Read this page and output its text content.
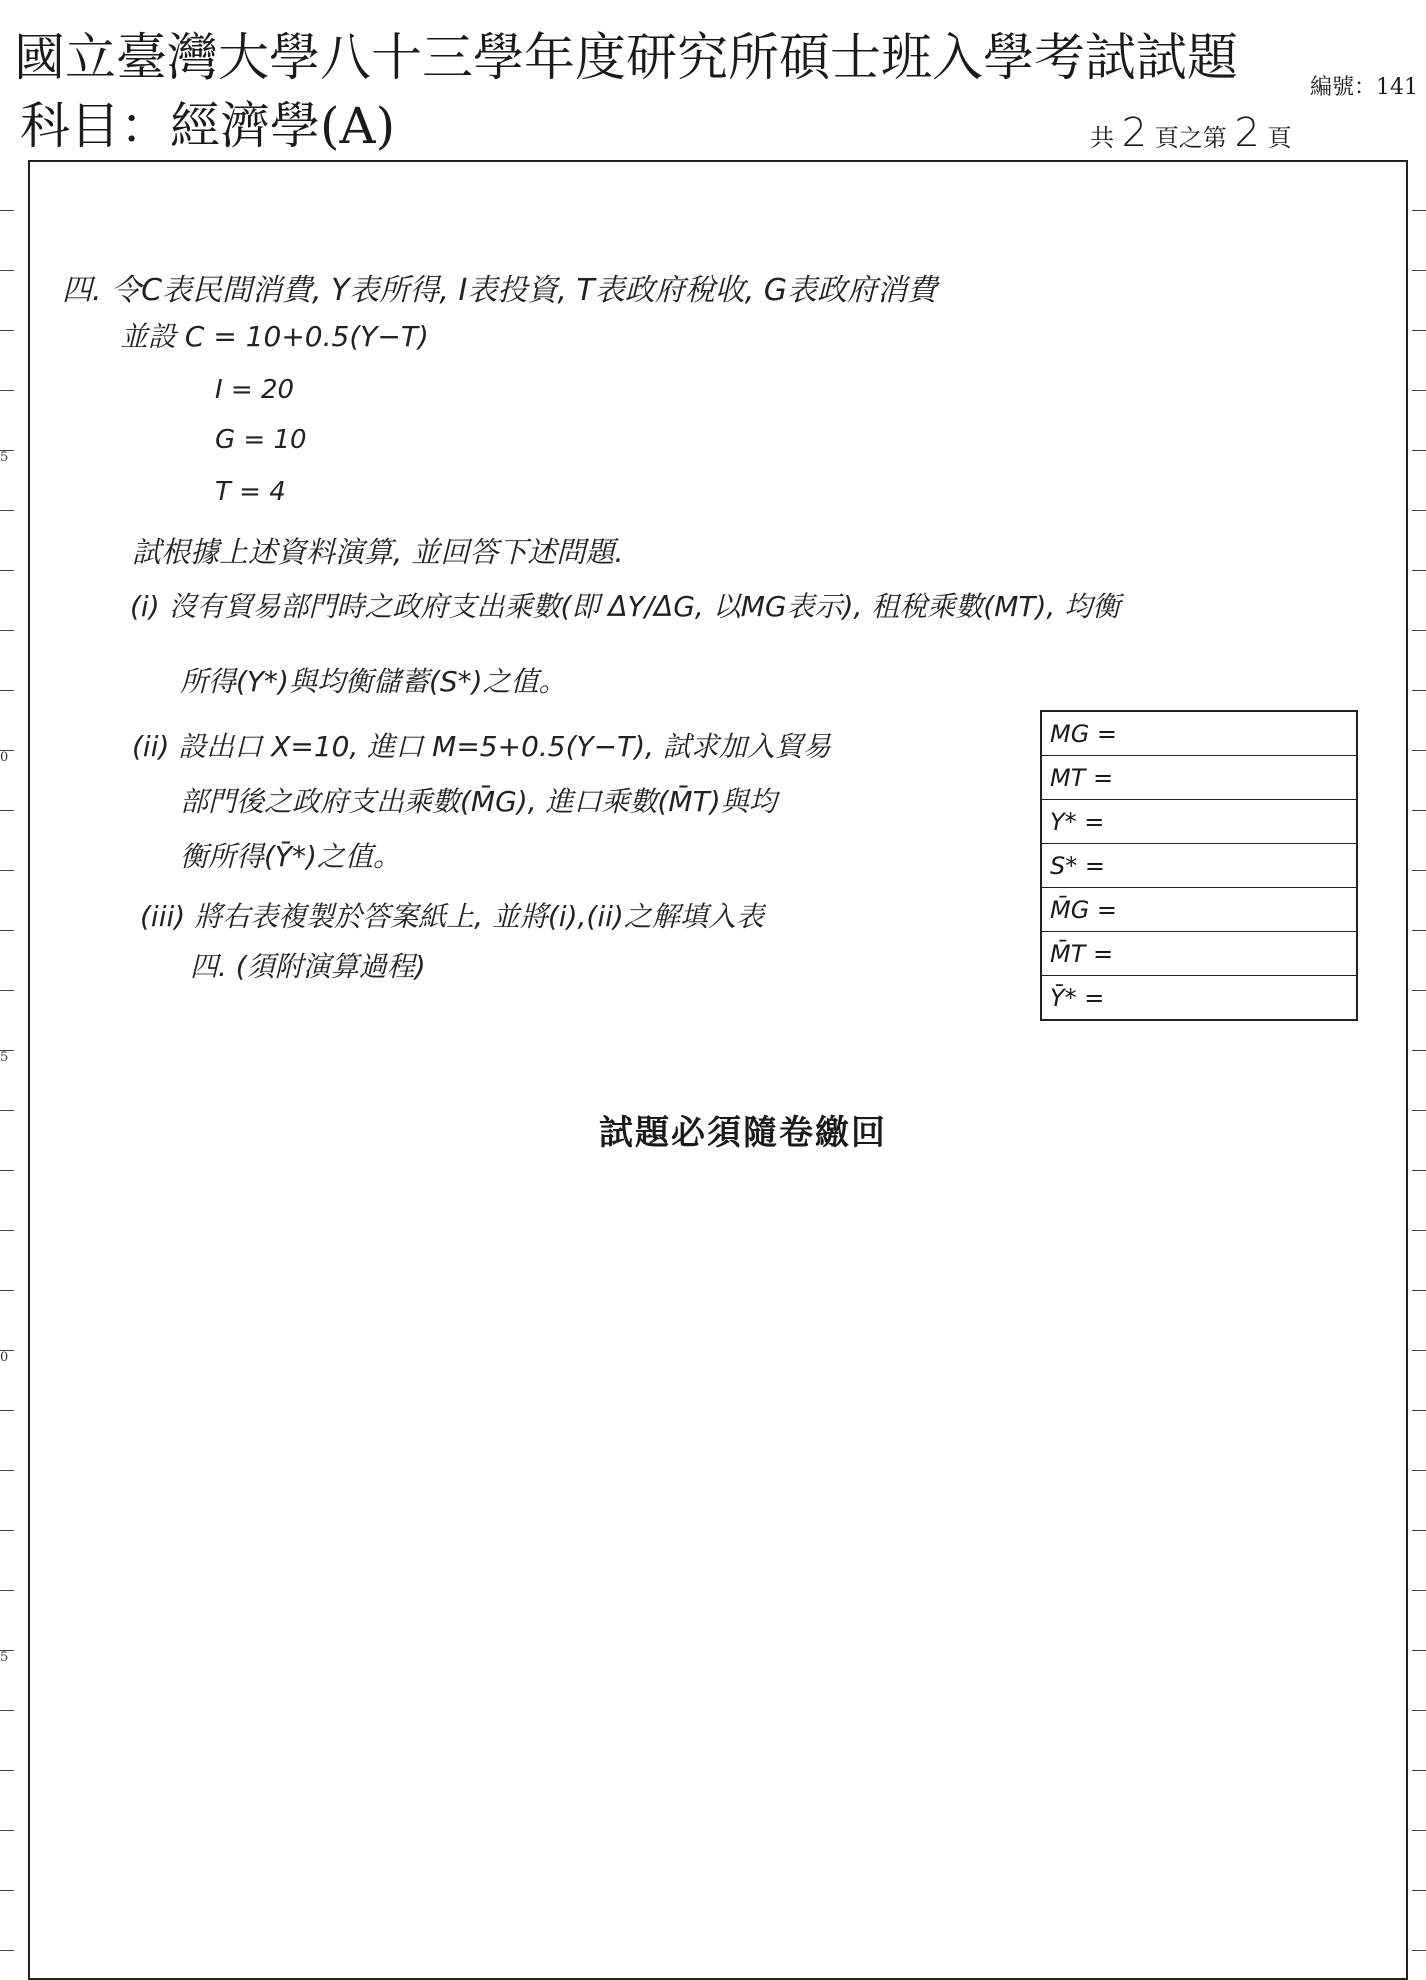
國立臺灣大學八十三學年度研究所碩士班入學考試試題
科目：經濟學(A)
編號：141
共 2 頁之第 2 頁
5
0
5
0
5
四. 令C表民間消費, Y表所得, I表投資, T表政府稅收, G表政府消費
並設 C = 10+0.5(Y−T)
I = 20
G = 10
T = 4
試根據上述資料演算, 並回答下述問題.
(i) 沒有貿易部門時之政府支出乘數(即 ΔY/ΔG, 以MG表示), 租稅乘數(MT), 均衡
所得(Y*)與均衡儲蓄(S*)之值。
(ii) 設出口 X=10, 進口 M=5+0.5(Y−T), 試求加入貿易
部門後之政府支出乘數(M̄G), 進口乘數(M̄T)與均
衡所得(Ȳ*)之值。
(iii) 將右表複製於答案紙上, 並將(i),(ii)之解填入表
四. (須附演算過程)
MG =
MT =
Y* =
S* =
M̄G =
M̄T =
Ȳ* =
試題必須隨卷繳回
